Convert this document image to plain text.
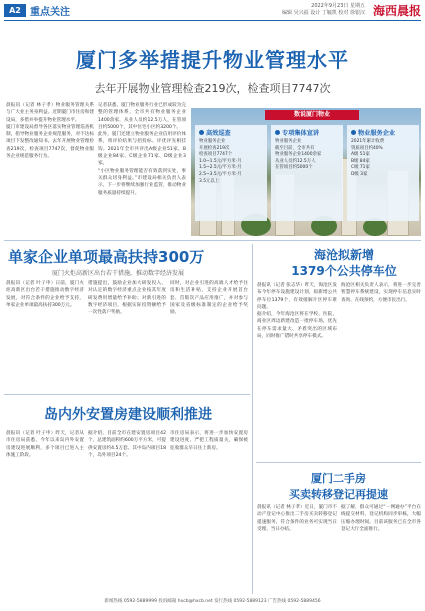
A2 重点关注
2022年9月23日 星期五
编辑 吴兴福 设计 丁毓凯 校对 徐银汉 海西晨报
厦门多举措提升物业管理水平
去年开展物业管理检查219次，检查项目7747次

晨报讯（记者 林子孝）物业服务管理关系与广大业主务身利益。近期厦门市住房和建设局，多措并举提升物业管理水平。

厦门市建设局督导各区落实物业管理巡查机制，指导物业服务企业规范服务，对不达标项目下发整改通知书。去年开展物业管理检查219次，检查项目7747次，督促物业服务企业规范服务行为。

记者获悉，厦门物业服务行业已形成较为完整的管理体系，全市共有物业服务企业1400余家，从业人员约12.5万人，在管项目约5000个，其中住宅小区约3200个。

此外，厦门还建立物业服务企业信用评价体系，将评价结果与招投标、评优评先相挂钩。2021年全市共评出A级企业51家、B级企业84家、C级企业71家、D级企业3家。

“小区物业服务管理能否有效落到实处，事关群众切身利益。”市建设局相关负责人表示，下一步将继续加强行业监管，推动物业服务质量持续提升。

数说厦门物业
高效巡查
物业服务企业
开展检查219次
检查项目7747个
1.0~1.5元/平方米·月
1.5~2.5元/平方米·月
2.5~3.5元/平方米·月
3.5元以上
专项集体宣讲
物业服务企业
截至目前，全市共有
物业服务企业1400余家
从业人员约12.5万人
在管项目约5000个
物业服务企业
2021年累计收费
资质项目约40%
A级 51家
B级 84家
C级 71家
D级 3家
单家企业单项最高扶持300万
厦门火炬高新区出台若干措施，推动数字经济发展

晨报讯（记者 叶子申）日前，厦门火炬高新区出台若干措施推动数字经济发展，对符合条件的企业给予支持，单家企业单项最高扶持300万元。

措施提出，鼓励企业加大研发投入，对认定的数字经济重点企业按其年度研发费用增量给予补助；对新引进的数字经济项目，根据实际投资额给予一次性落户奖励。

同时，对企业引进的高端人才给予住房和生活补贴，支持企业开展首台套、首版次产品应用推广，并对参与国家及省级标准制定的企业给予奖励。

海沧拟新增
1379个公共停车位

晨报讯（记者 张志华）昨天，海沧区发布今年停车设施建设计划，拟新增公共停车位1379个，有效缓解片区停车难问题。

据介绍，今年海沧区将在学校、医院、商业区周边新建改造一批停车场，优先在停车需求量大、矛盾突出的区域布局，同时推广错时共享停车模式。

海沧区相关负责人表示，将进一步完善智慧停车系统建设，实现停车信息实时查询、在线预约，方便市民出行。

岛内外安置房建设顺利推进

晨报讯（记者 叶子申）昨天，记者从市住房局获悉，今年以来岛内外安置房建设进展顺利，多个项目已进入主体施工阶段。

据介绍，目前全市在建安置房项目42个，总建筑面积约600万平方米，可提供安置房约4.5万套。其中岛内项目18个，岛外项目24个。

市住房局表示，将进一步加快安置房建设进度，严把工程质量关，确保被征收群众早日住上新房。

厦门二手房
买卖转移登记再提速

晨报讯（记者 林子孝）近日，厦门市不动产登记中心推出二手房买卖转移登记提速服务，符合条件的业务可实现当日受理、当日办结。

据了解，群众可通过“一网通办”平台在线提交材料，登记机构同步审核，大幅压缩办理时间。目前该服务已在全市各登记大厅全面推行。

新闻热线 0592-5889999 投诉邮箱 hxcb@hxcb.net 发行热线 0592-5889123 广告热线 0592-5889456
